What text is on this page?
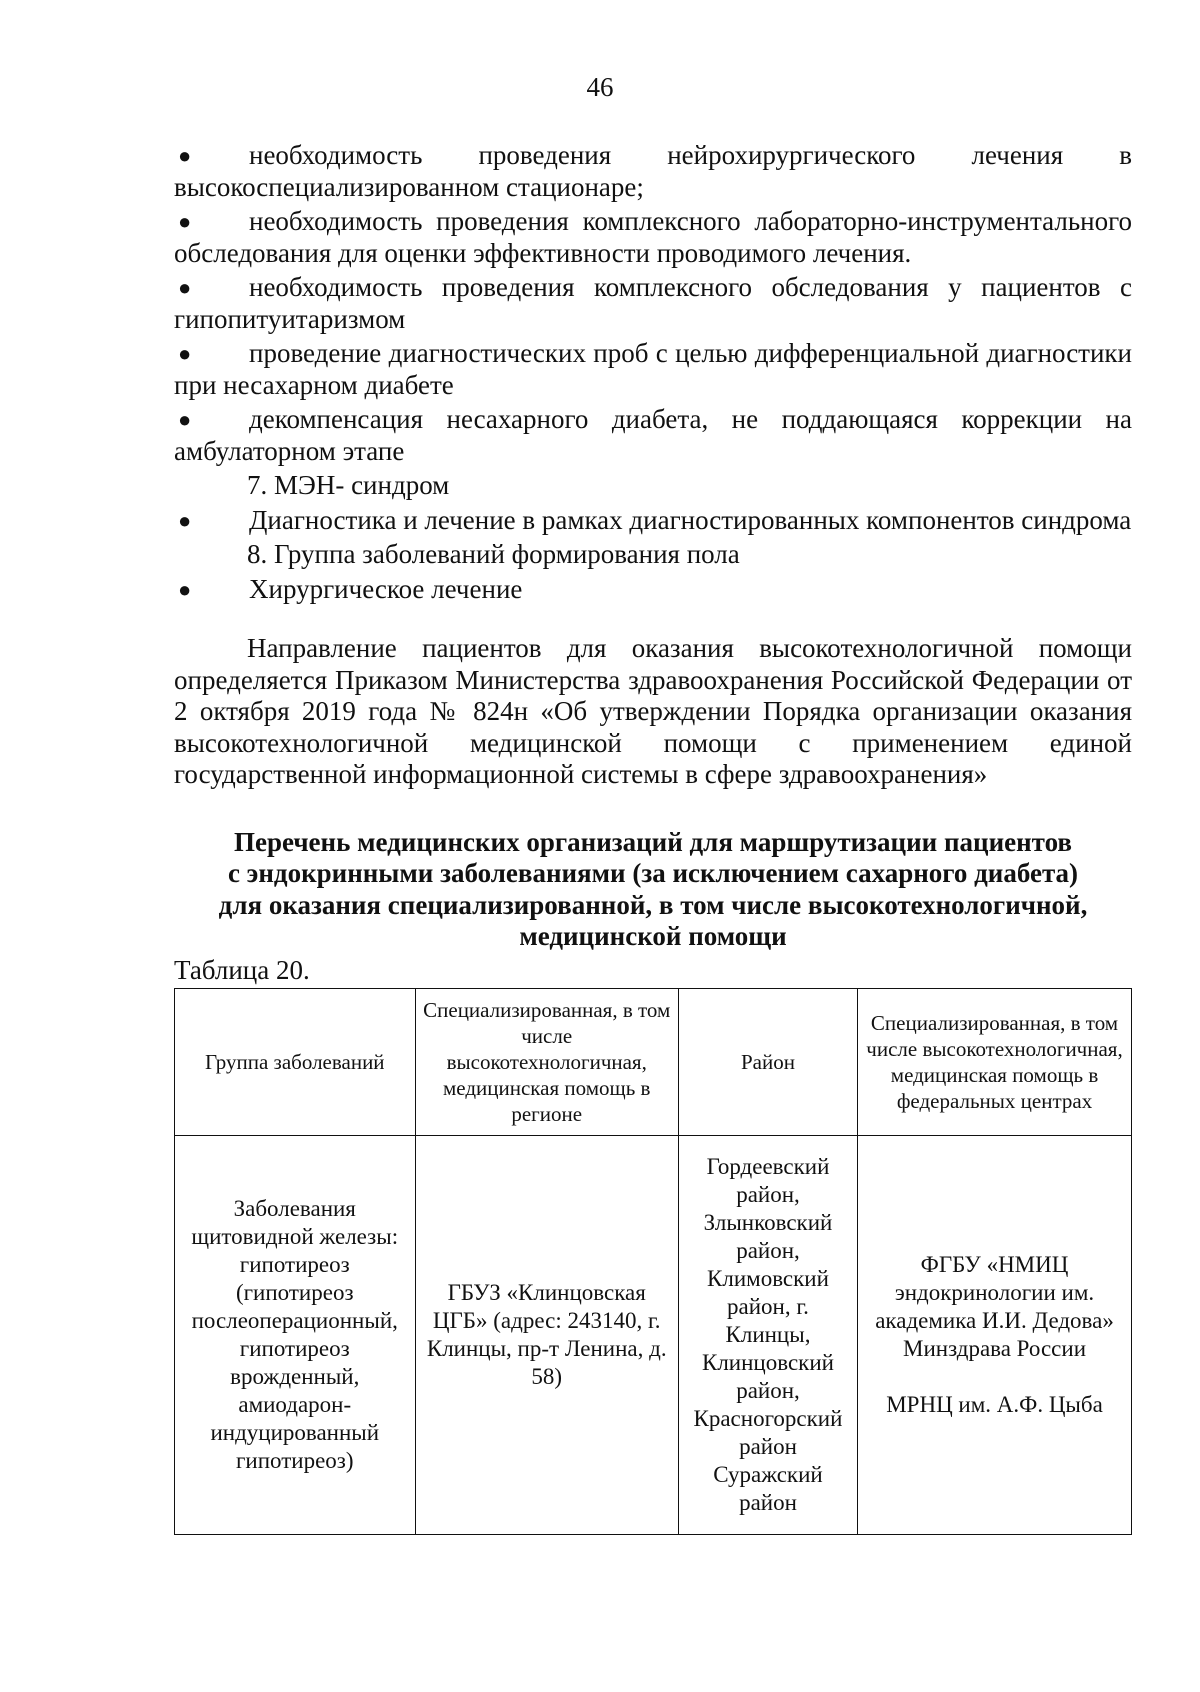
46

● необходимость проведения нейрохирургического лечения в высокоспециализированном стационаре;

● необходимость проведения комплексного лабораторно-инструментального обследования для оценки эффективности проводимого лечения.

● необходимость проведения комплексного обследования у пациентов с гипопитуитаризмом

● проведение диагностических проб с целью дифференциальной диагностики при несахарном диабете

● декомпенсация несахарного диабета, не поддающаяся коррекции на амбулаторном этапе

7. МЭН- синдром

● Диагностика и лечение в рамках диагностированных компонентов синдрома

8. Группа заболеваний формирования пола

● Хирургическое лечение

Направление пациентов для оказания высокотехнологичной помощи определяется Приказом Министерства здравоохранения Российской Федерации от 2 октября 2019 года № 824н «Об утверждении Порядка организации оказания высокотехнологичной медицинской помощи с применением единой государственной информационной системы в сфере здравоохранения»

Перечень медицинских организаций для маршрутизации пациентов
с эндокринными заболеваниями (за исключением сахарного диабета)
для оказания специализированной, в том числе высокотехнологичной,
медицинской помощи
Таблица 20.
Группа заболеваний	Специализированная, в том числе высокотехнологичная, медицинская помощь в регионе	Район	Специализированная, в том числе высокотехнологичная, медицинская помощь в федеральных центрах
Заболевания щитовидной железы: гипотиреоз (гипотиреоз послеоперационный, гипотиреоз врожденный, амиодарон-индуцированный гипотиреоз)	ГБУЗ «Клинцовская ЦГБ» (адрес: 243140, г. Клинцы, пр-т Ленина, д. 58)	Гордеевский район, Злынковский район, Климовский район, г. Клинцы, Клинцовский район, Красногорский район Суражский район	ФГБУ «НМИЦ эндокринологии им. академика И.И. Дедова» Минздрава России
МРНЦ им. А.Ф. Цыба
